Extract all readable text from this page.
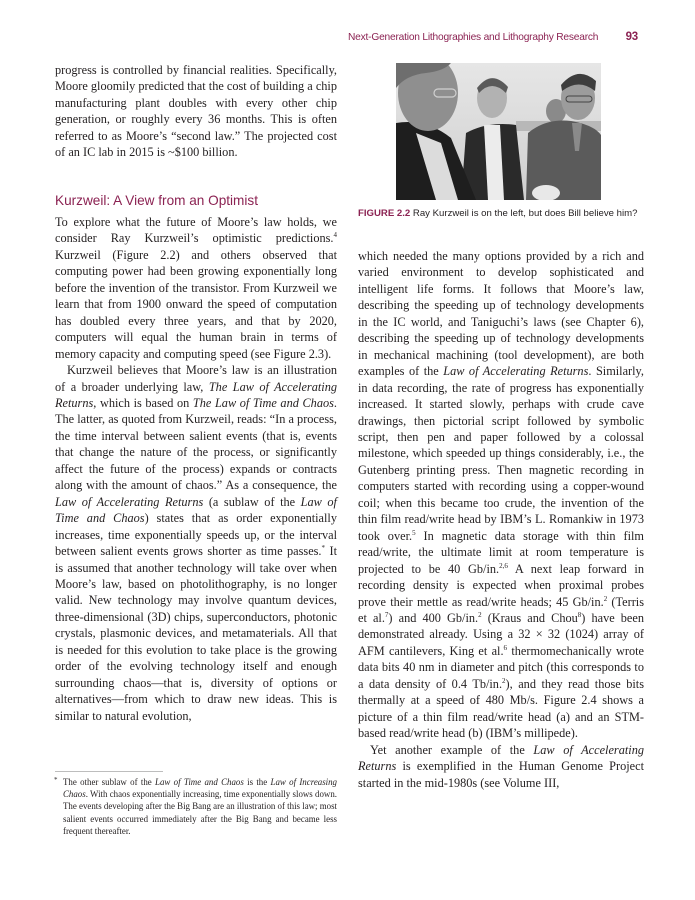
Next-Generation Lithographies and Lithography Research 93

progress is controlled by financial realities. Specifically, Moore gloomily predicted that the cost of building a chip manufacturing plant doubles with every other chip generation, or roughly every 36 months. This is often referred to as Moore’s “second law.” The projected cost of an IC lab in 2015 is ~$100 billion.

Kurzweil: A View from an Optimist

To explore what the future of Moore’s law holds, we consider Ray Kurzweil’s optimistic predictions.$^4$ Kurzweil (Figure 2.2) and others observed that computing power had been growing exponentially long before the invention of the transistor. From Kurzweil we learn that from 1900 onward the speed of computation has doubled every three years, and that by 2020, computers will equal the human brain in terms of memory capacity and computing speed (see Figure 2.3).

Kurzweil believes that Moore’s law is an illustration of a broader underlying law, The Law of Accelerating Returns, which is based on The Law of Time and Chaos. The latter, as quoted from Kurzweil, reads: “In a process, the time interval between salient events (that is, events that change the nature of the process, or significantly affect the future of the process) expands or contracts along with the amount of chaos.” As a consequence, the Law of Accelerating Returns (a sublaw of the Law of Time and Chaos) states that as order exponentially increases, time exponentially speeds up, or the interval between salient events grows shorter as time passes.* It is assumed that another technology will take over when Moore’s law, based on photolithography, is no longer valid. New technology may involve quantum devices, three-dimensional (3D) chips, superconductors, photonic crystals, plasmonic devices, and metamaterials. All that is needed for this evolution to take place is the growing order of the evolving technology itself and enough surrounding chaos—that is, diversity of options or alternatives—from which to draw new ideas. This is similar to natural evolution,

* The other sublaw of the Law of Time and Chaos is the Law of Increasing Chaos. With chaos exponentially increasing, time exponentially slows down. The events developing after the Big Bang are an illustration of this law; most salient events occurred immediately after the Big Bang and became less frequent thereafter.
FIGURE 2.2 Ray Kurzweil is on the left, but does Bill believe him?

which needed the many options provided by a rich and varied environment to develop sophisticated and intelligent life forms. It follows that Moore’s law, describing the speeding up of technology developments in the IC world, and Taniguchi’s laws (see Chapter 6), describing the speeding up of technology developments in mechanical machining (tool development), are both examples of the Law of Accelerating Returns. Similarly, in data recording, the rate of progress has exponentially increased. It started slowly, perhaps with crude cave drawings, then pictorial script followed by symbolic script, then pen and paper followed by a colossal milestone, which speeded up things considerably, i.e., the Gutenberg printing press. Then magnetic recording in computers started with recording using a copper-wound coil; when this became too crude, the invention of the thin film read/write head by IBM’s L. Romankiw in 1973 took over.$^5$ In magnetic data storage with thin film read/write, the ultimate limit at room temperature is projected to be 40 Gb/in.$^{2,6}$ A next leap forward in recording density is expected when proximal probes prove their mettle as read/write heads; 45 Gb/in.$^2$ (Terris et al.$^7$) and 400 Gb/in.$^2$ (Kraus and Chou$^8$) have been demonstrated already. Using a 32 × 32 (1024) array of AFM cantilevers, King et al.$^6$ thermomechanically wrote data bits 40 nm in diameter and pitch (this corresponds to a data density of 0.4 Tb/in.$^2$), and they read those bits thermally at a speed of 480 Mb/s. Figure 2.4 shows a picture of a thin film read/write head (a) and an STM-based read/write head (b) (IBM’s millipede).

Yet another example of the Law of Accelerating Returns is exemplified in the Human Genome Project started in the mid-1980s (see Volume III,
